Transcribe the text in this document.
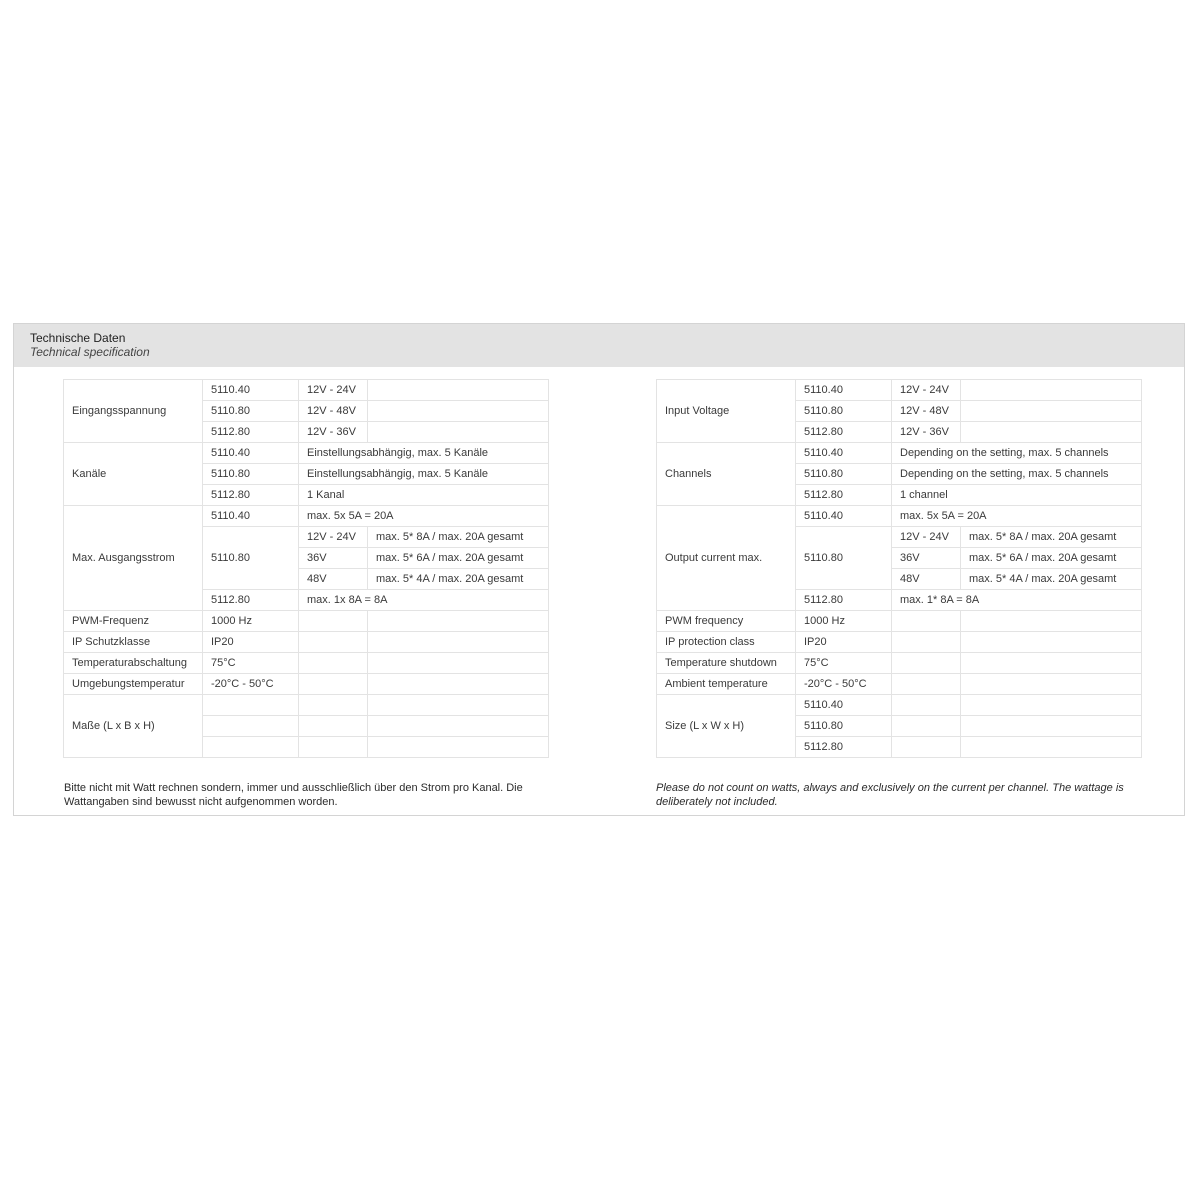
Technische Daten
Technical specification
Eingangsspannung	5110.40	12V - 24V	
	5110.80	12V - 48V	
	5112.80	12V - 36V	
Kanäle	5110.40	Einstellungsabhängig, max. 5 Kanäle	
	5110.80	Einstellungsabhängig, max. 5 Kanäle	
	5112.80	1 Kanal	
Max. Ausgangsstrom	5110.40	max. 5x 5A = 20A	
	5110.80	12V - 24V	max. 5* 8A / max. 20A gesamt
		36V	max. 5* 6A / max. 20A gesamt
		48V	max. 5* 4A / max. 20A gesamt
	5112.80	max. 1x 8A = 8A	
PWM-Frequenz	1000 Hz		
IP Schutzklasse	IP20		
Temperaturabschaltung	75°C		
Umgebungstemperatur	-20°C - 50°C		
Maße (L x B x H)			

Input Voltage	5110.40	12V - 24V	
	5110.80	12V - 48V	
	5112.80	12V - 36V	
Channels	5110.40	Depending on the setting, max. 5 channels	
	5110.80	Depending on the setting, max. 5 channels	
	5112.80	1 channel	
Output current max.	5110.40	max. 5x 5A = 20A	
	5110.80	12V - 24V	max. 5* 8A / max. 20A gesamt
		36V	max. 5* 6A / max. 20A gesamt
		48V	max. 5* 4A / max. 20A gesamt
	5112.80	max. 1* 8A = 8A	
PWM frequency	1000 Hz		
IP protection class	IP20		
Temperature shutdown	75°C		
Ambient temperature	-20°C - 50°C		
Size (L x W x H)	5110.40		
	5110.80		
	5112.80		
Bitte nicht mit Watt rechnen sondern, immer und ausschließlich über den Strom pro Kanal. Die Wattangaben sind bewusst nicht aufgenommen worden.
Please do not count on watts, always and exclusively on the current per channel. The wattage is deliberately not included.
